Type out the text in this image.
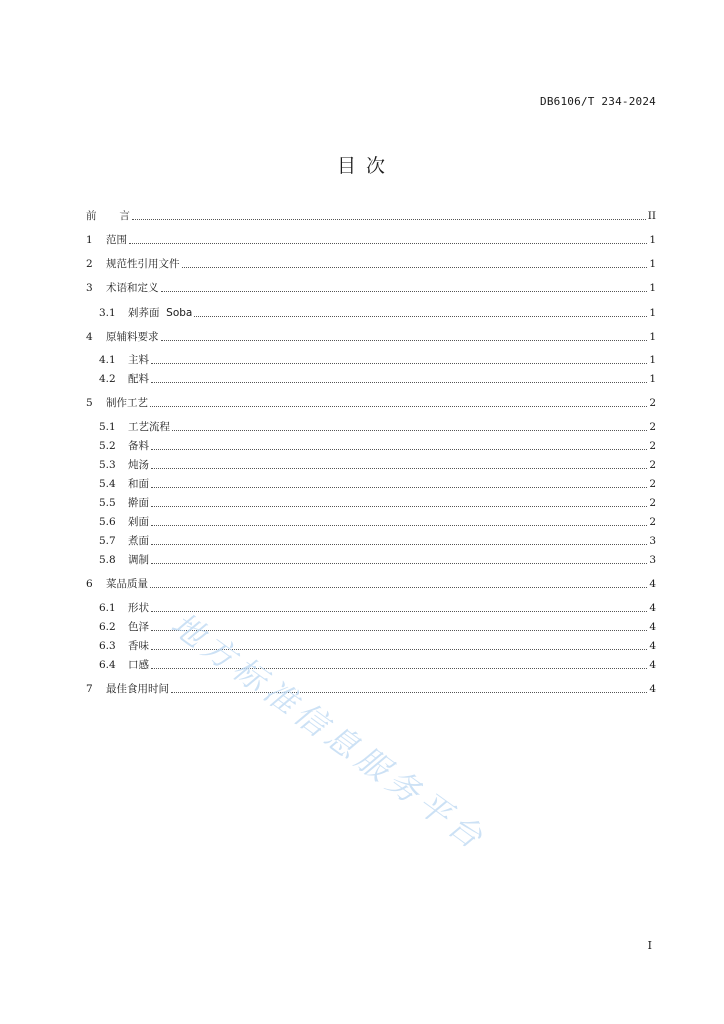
DB6106/T 234-2024
目 次
前 言	II
1	范围	1
2	规范性引用文件	1
3	术语和定义	1
3.1	剁荞面  Soba	1
4	原辅料要求	1
4.1	主料	1
4.2	配料	1
5	制作工艺	2
5.1	工艺流程	2
5.2	备料	2
5.3	炖汤	2
5.4	和面	2
5.5	擀面	2
5.6	剁面	2
5.7	煮面	3
5.8	调制	3
6	菜品质量	4
6.1	形状	4
6.2	色泽	4
6.3	香味	4
6.4	口感	4
7	最佳食用时间	4
地方标准信息服务平台
I
